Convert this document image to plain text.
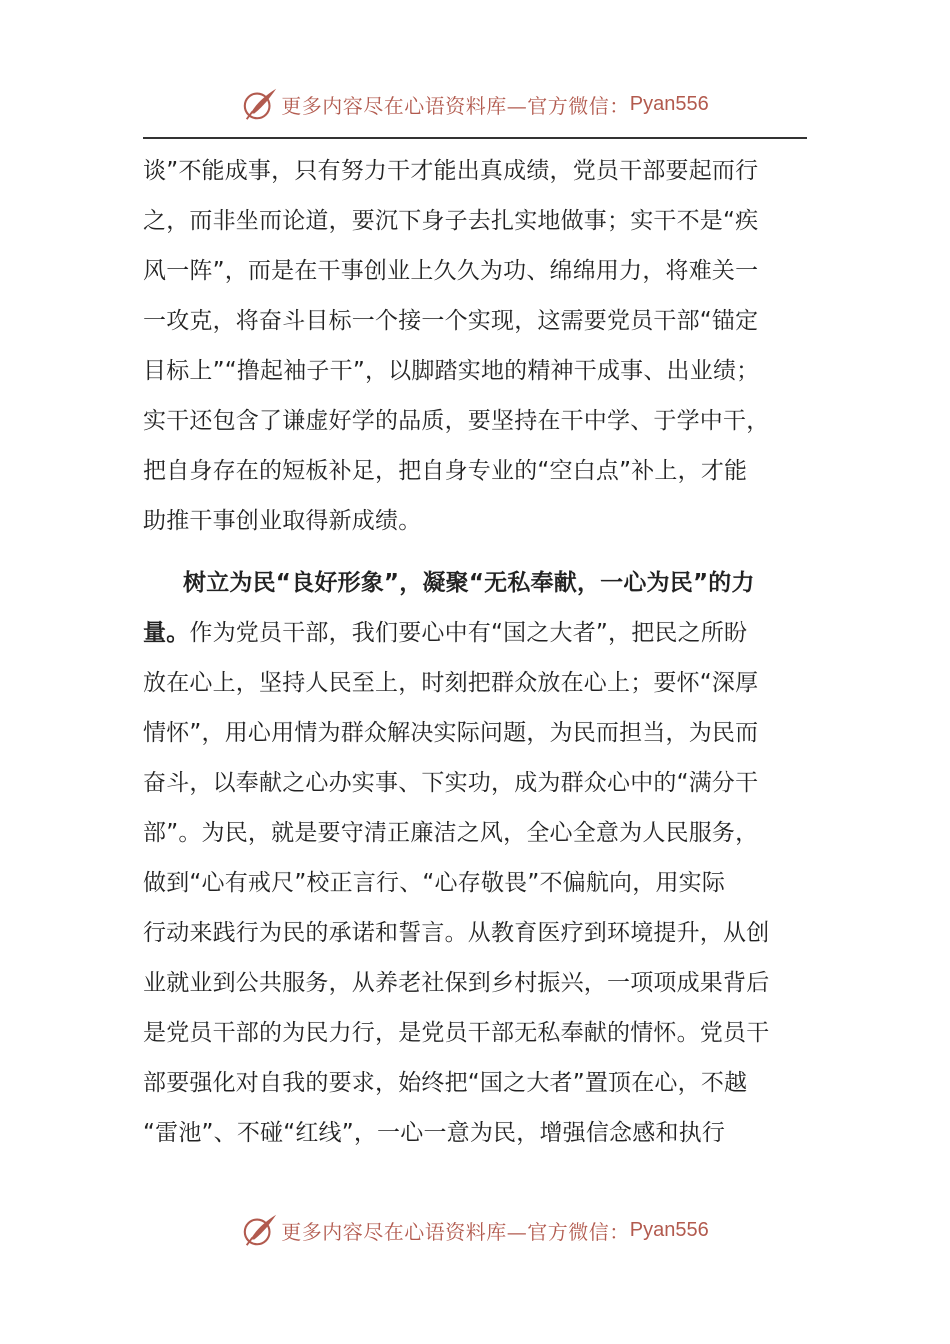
更多内容尽在心语资料库—官方微信： Pyan556
谈”不能成事，只有努力干才能出真成绩，党员干部要起而行
之，而非坐而论道，要沉下身子去扎实地做事；实干不是“疾
风一阵”，而是在干事创业上久久为功、绵绵用力，将难关一
一攻克，将奋斗目标一个接一个实现，这需要党员干部“锚定
目标上”“撸起袖子干”，以脚踏实地的精神干成事、出业绩；
实干还包含了谦虚好学的品质，要坚持在干中学、于学中干，
把自身存在的短板补足，把自身专业的“空白点”补上，才能
助推干事创业取得新成绩。
树立为民“良好形象”，凝聚“无私奉献，一心为民”的力
量。作为党员干部，我们要心中有“国之大者”，把民之所盼
放在心上，坚持人民至上，时刻把群众放在心上；要怀“深厚
情怀”，用心用情为群众解决实际问题，为民而担当，为民而
奋斗，以奉献之心办实事、下实功，成为群众心中的“满分干
部”。为民，就是要守清正廉洁之风，全心全意为人民服务，
做到“心有戒尺”校正言行、“心存敬畏”不偏航向，用实际
行动来践行为民的承诺和誓言。从教育医疗到环境提升，从创
业就业到公共服务，从养老社保到乡村振兴，一项项成果背后
是党员干部的为民力行，是党员干部无私奉献的情怀。党员干
部要强化对自我的要求，始终把“国之大者”置顶在心，不越
“雷池”、不碰“红线”，一心一意为民，增强信念感和执行
更多内容尽在心语资料库—官方微信： Pyan556
